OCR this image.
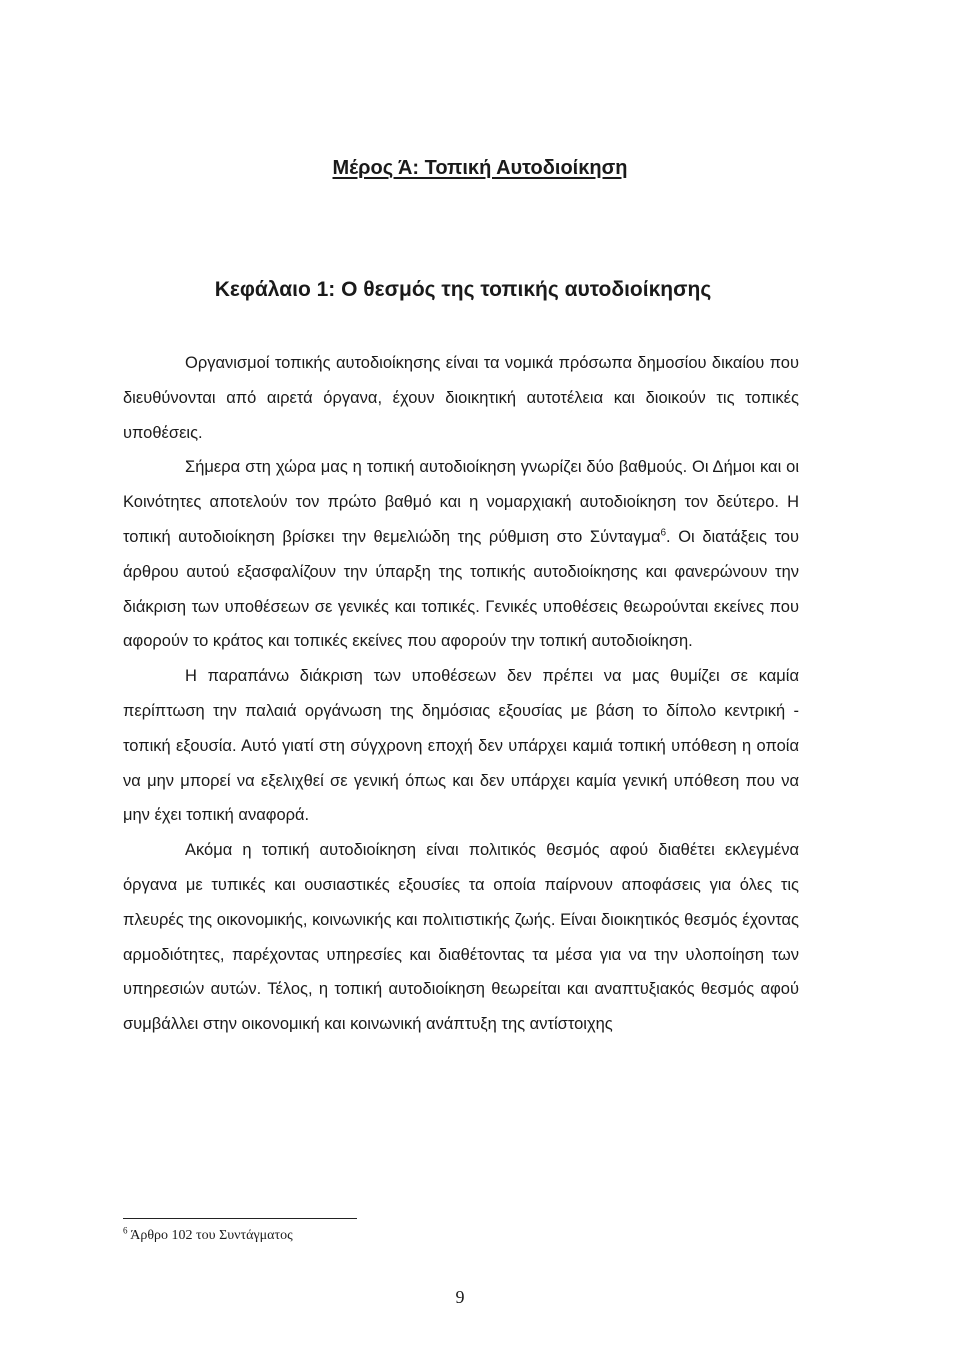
Μέρος Ά: Τοπική Αυτοδιοίκηση
Κεφάλαιο 1: Ο θεσμός της τοπικής αυτοδιοίκησης

Οργανισμοί τοπικής αυτοδιοίκησης είναι τα νομικά πρόσωπα δημοσίου δικαίου που διευθύνονται από αιρετά όργανα, έχουν διοικητική αυτοτέλεια και διοικούν τις τοπικές υποθέσεις.

Σήμερα στη χώρα μας η τοπική αυτοδιοίκηση γνωρίζει δύο βαθμούς. Οι Δήμοι και οι Κοινότητες αποτελούν τον πρώτο βαθμό και η νομαρχιακή αυτοδιοίκηση τον δεύτερο. Η τοπική αυτοδιοίκηση βρίσκει την θεμελιώδη της ρύθμιση στο Σύνταγμα$^6$. Οι διατάξεις του άρθρου αυτού εξασφαλίζουν την ύπαρξη της τοπικής αυτοδιοίκησης και φανερώνουν την διάκριση των υποθέσεων σε γενικές και τοπικές. Γενικές υποθέσεις θεωρούνται εκείνες που αφορούν το κράτος και τοπικές εκείνες που αφορούν την τοπική αυτοδιοίκηση.

Η παραπάνω διάκριση των υποθέσεων δεν πρέπει να μας θυμίζει σε καμία περίπτωση την παλαιά οργάνωση της δημόσιας εξουσίας με βάση το δίπολο κεντρική - τοπική εξουσία. Αυτό γιατί στη σύγχρονη εποχή δεν υπάρχει καμιά τοπική υπόθεση η οποία να μην μπορεί να εξελιχθεί σε γενική όπως και δεν υπάρχει καμία γενική υπόθεση που να μην έχει τοπική αναφορά.

Ακόμα η τοπική αυτοδιοίκηση είναι πολιτικός θεσμός αφού διαθέτει εκλεγμένα όργανα με τυπικές και ουσιαστικές εξουσίες τα οποία παίρνουν αποφάσεις για όλες τις πλευρές της οικονομικής, κοινωνικής και πολιτιστικής ζωής. Είναι διοικητικός θεσμός έχοντας αρμοδιότητες, παρέχοντας υπηρεσίες και διαθέτοντας τα μέσα για να την υλοποίηση των υπηρεσιών αυτών. Τέλος, η τοπική αυτοδιοίκηση θεωρείται και αναπτυξιακός θεσμός αφού συμβάλλει στην οικονομική και κοινωνική ανάπτυξη της αντίστοιχης

$^6$ Άρθρο 102 του Συντάγματος
9
